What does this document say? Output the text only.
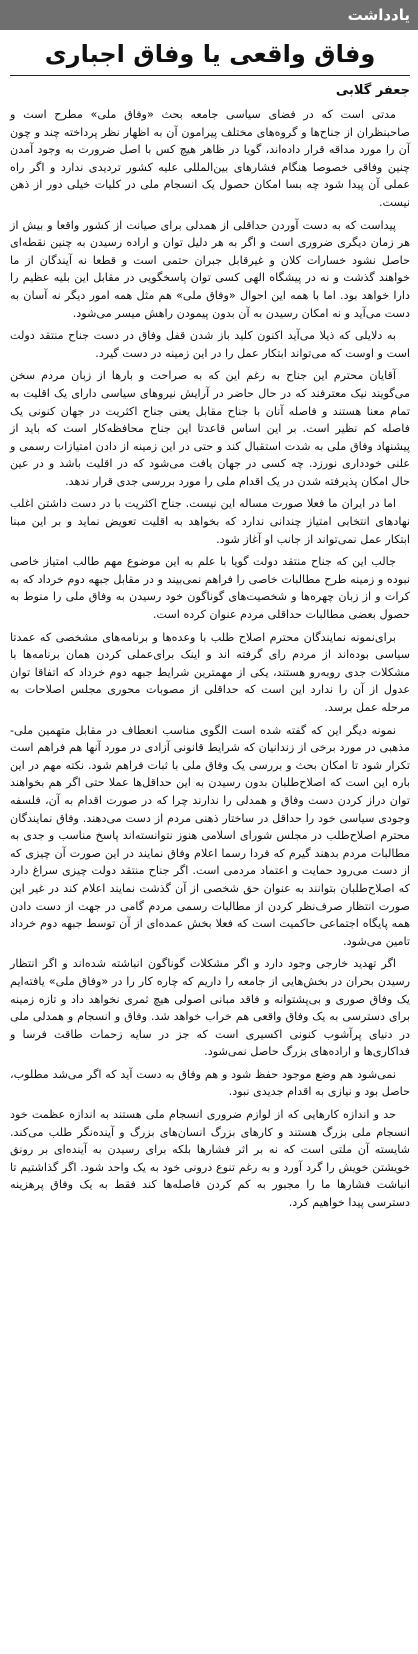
یادداشت
وفاق واقعی یا وفاق اجباری
جعفر گلابی

مدتی است که در فضای سیاسی جامعه بحث «وفاق ملی» مطرح است و صاحبنظران از جناح‌ها و گروه‌های مختلف پیرامون آن به اظهار نظر پرداخته چند و چون آن را مورد مداقه قرار داده‌اند، گویا در ظاهر هیچ کس با اصل ضرورت به وجود آمدن چنین وفاقی خصوصا هنگام فشارهای بین‌المللی علیه کشور تردیدی ندارد و اگر راه عملی آن پیدا شود چه بسا امکان حصول یک انسجام ملی در کلیات خیلی دور از ذهن نیست.

پیداست که به دست آوردن حداقلی از همدلی برای صیانت از کشور واقعا و بیش از هر زمان دیگری ضروری است و اگر به هر دلیل توان و اراده رسیدن به چنین نقطه‌ای حاصل نشود خسارات کلان و غیرقابل جبران حتمی است و قطعا نه آیندگان از ما خواهند گذشت و نه در پیشگاه الهی کسی توان پاسخگویی در مقابل این بلیه عظیم را دارا خواهد بود. اما با همه این احوال «وفاق ملی» هم مثل همه امور دیگر نه آسان به دست می‌آید و نه امکان رسیدن به آن بدون پیمودن راهش میسر می‌شود.

به دلایلی که ذیلا می‌آید اکنون کلید باز شدن قفل وفاق در دست جناح منتقد دولت است و اوست که می‌تواند ابتکار عمل را در این زمینه در دست گیرد.

آقایان محترم این جناح به رغم این که به صراحت و بارها از زبان مردم سخن می‌گویند نیک معترفند که در حال حاضر در آرایش نیروهای سیاسی دارای یک اقلیت به تمام معنا هستند و فاصله آنان با جناح مقابل یعنی جناح اکثریت در جهان کنونی یک فاصله کم نظیر است. بر این اساس قاعدتا این جناح محافظه‌کار است که باید از پیشنهاد وفاق ملی به شدت استقبال کند و حتی در این زمینه از دادن امتیازات رسمی و علنی خودداری نورزد. چه کسی در جهان یافت می‌شود که در اقلیت باشد و در عین حال امکان پذیرفته شدن در یک اقدام ملی را مورد بررسی جدی قرار ندهد.

اما در ایران ما فعلا صورت مساله این نیست. جناح اکثریت با در دست داشتن اغلب نهادهای انتخابی امتیاز چندانی ندارد که بخواهد به اقلیت تعویض نماید و بر این مبنا ابتکار عمل نمی‌تواند از جانب او آغاز شود.

جالب این که جناح منتقد دولت گویا با علم به این موضوع مهم طالب امتیاز خاصی نبوده و زمینه طرح مطالبات خاصی را فراهم نمی‌بیند و در مقابل جبهه دوم خرداد که به کرات و از زبان چهره‌ها و شخصیت‌های گوناگون خود رسیدن به وفاق ملی را منوط به حصول بعضی مطالبات حداقلی مردم عنوان کرده است.

برای‌نمونه نمایندگان محترم اصلاح طلب با وعده‌ها و برنامه‌های مشخصی که عمدتا سیاسی بوده‌اند از مردم رای گرفته اند و اینک برای‌عملی کردن همان برنامه‌ها با مشکلات جدی روبه‌رو هستند، یکی از مهمترین شرایط جبهه دوم خرداد که اتفاقا توان عدول از آن را ندارد این است که حداقلی از مصوبات محوری مجلس اصلاحات به مرحله عمل برسد.

نمونه دیگر این که گفته شده است الگوی مناسب انعطاف در مقابل متهمین ملی-مذهبی در مورد برخی از زندانیان که شرایط قانونی آزادی در مورد آنها هم فراهم است تکرار شود تا امکان بحث و بررسی یک وفاق ملی با ثبات فراهم شود. نکته مهم در این باره این است که اصلاح‌طلبان بدون رسیدن به این حداقل‌ها عملا حتی اگر هم بخواهند توان دراز کردن دست وفاق و همدلی را ندارند چرا که در صورت اقدام به آن، فلسفه وجودی سیاسی خود را حداقل در ساختار ذهنی مردم از دست می‌دهند. وفاق نمایندگان محترم اصلاح‌طلب در مجلس شورای اسلامی هنوز نتوانسته‌اند پاسخ مناسب و جدی به مطالبات مردم بدهند گیرم که فردا رسما اعلام وفاق نمایند در این صورت آن چیزی که از دست می‌رود حمایت و اعتماد مردمی است. اگر جناح منتقد دولت چیزی سراغ دارد که اصلاح‌طلبان بتوانند به عنوان حق شخصی از آن گذشت نمایند اعلام کند در غیر این صورت انتظار صرف‌نظر کردن از مطالبات رسمی مردم گامی در جهت از دست دادن همه پایگاه اجتماعی حاکمیت است که فعلا بخش عمده‌ای از آن توسط جبهه دوم خرداد تامین می‌شود.

اگر تهدید خارجی وجود دارد و اگر مشکلات گوناگون انباشته شده‌اند و اگر انتظار رسیدن بحران در بخش‌هایی از جامعه را داریم که چاره کار را در «وفاق ملی» یافته‌ایم یک وفاق صوری و بی‌پشتوانه و فاقد مبانی اصولی هیچ ثمری نخواهد داد و تازه زمینه برای دسترسی به یک وفاق واقعی هم خراب خواهد شد. وفاق و انسجام و همدلی ملی در دنیای پرآشوب کنونی اکسیری است که جز در سایه زحمات طاقت فرسا و فداکاری‌ها و اراده‌های بزرگ حاصل نمی‌شود.

نمی‌شود هم وضع موجود حفظ شود و هم وفاق به دست آید که اگر می‌شد مطلوب، حاصل بود و نیازی به اقدام جدیدی نبود.

حد و اندازه کارهایی که از لوازم ضروری انسجام ملی هستند به اندازه عظمت خود انسجام ملی بزرگ هستند و کارهای بزرگ انسان‌های بزرگ و آینده‌نگر طلب می‌کند. شایسته آن ملتی است که نه بر اثر فشارها بلکه برای رسیدن به آینده‌ای بر رونق خویشتن خویش را گرد آورد و به رغم تنوع درونی خود به یک واحد شود. اگر گذاشتیم تا انباشت فشارها ما را مجبور به کم کردن فاصله‌ها کند فقط به یک وفاق پرهزینه دسترسی پیدا خواهیم کرد.
